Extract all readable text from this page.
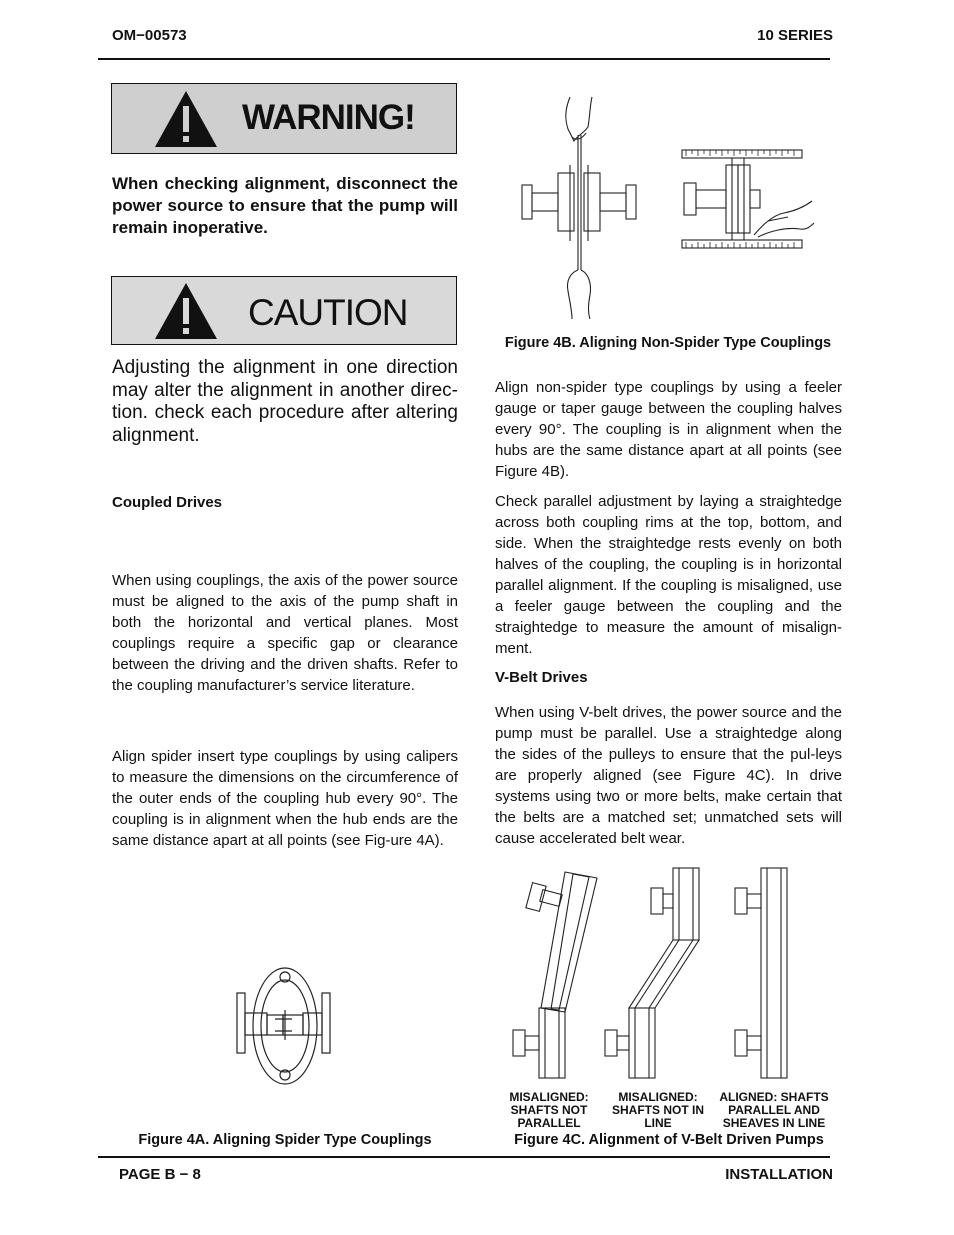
OM−00573	10 SERIES
WARNING!
When checking alignment, disconnect the power source to ensure that the pump will remain inoperative.
CAUTION
Adjusting the alignment in one direction may alter the alignment in another direc-tion. check each procedure after altering alignment.
Coupled Drives
When using couplings, the axis of the power source must be aligned to the axis of the pump shaft in both the horizontal and vertical planes. Most couplings require a specific gap or clearance between the driving and the driven shafts. Refer to the coupling manufacturer’s service literature.
Align spider insert type couplings by using calipers to measure the dimensions on the circumference of the outer ends of the coupling hub every 90°. The coupling is in alignment when the hub ends are the same distance apart at all points (see Fig-ure 4A).
Figure 4A. Aligning Spider Type Couplings
Figure 4B. Aligning Non-Spider Type Couplings
Align non-spider type couplings by using a feeler gauge or taper gauge between the coupling halves every 90°. The coupling is in alignment when the hubs are the same distance apart at all points (see Figure 4B).
Check parallel adjustment by laying a straightedge across both coupling rims at the top, bottom, and side. When the straightedge rests evenly on both halves of the coupling, the coupling is in horizontal parallel alignment. If the coupling is misaligned, use a feeler gauge between the coupling and the straightedge to measure the amount of misalign-ment.
V-Belt Drives
When using V-belt drives, the power source and the pump must be parallel. Use a straightedge along the sides of the pulleys to ensure that the pul-leys are properly aligned (see Figure 4C). In drive systems using two or more belts, make certain that the belts are a matched set; unmatched sets will cause accelerated belt wear.
MISALIGNED: SHAFTS NOT PARALLEL
MISALIGNED: SHAFTS NOT IN LINE
ALIGNED: SHAFTS PARALLEL AND SHEAVES IN LINE
Figure 4C. Alignment of V-Belt Driven Pumps
PAGE B − 8	INSTALLATION
